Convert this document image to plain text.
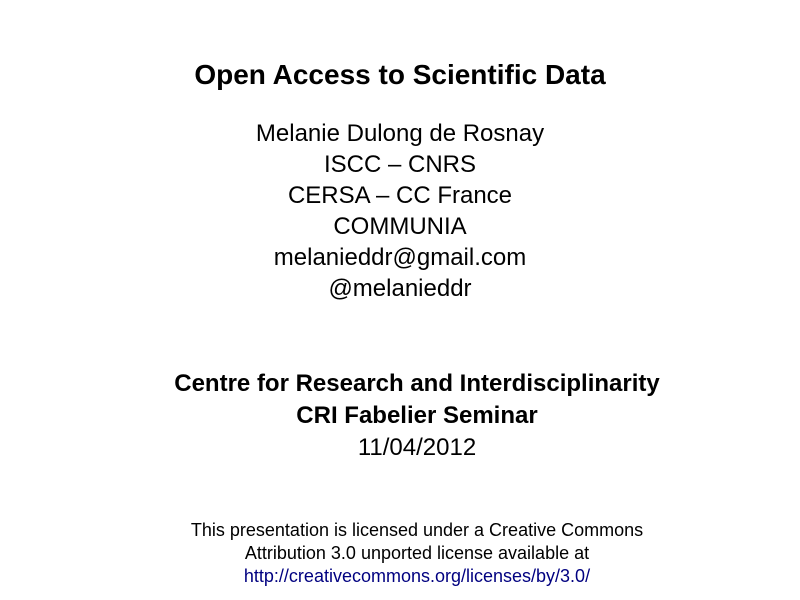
Open Access to Scientific Data
Melanie Dulong de Rosnay
ISCC – CNRS
CERSA – CC France
COMMUNIA
melanieddr@gmail.com
@melanieddr
Centre for Research and Interdisciplinarity
CRI Fabelier Seminar
11/04/2012
This presentation is licensed under a Creative Commons
Attribution 3.0 unported license available at
http://creativecommons.org/licenses/by/3.0/
